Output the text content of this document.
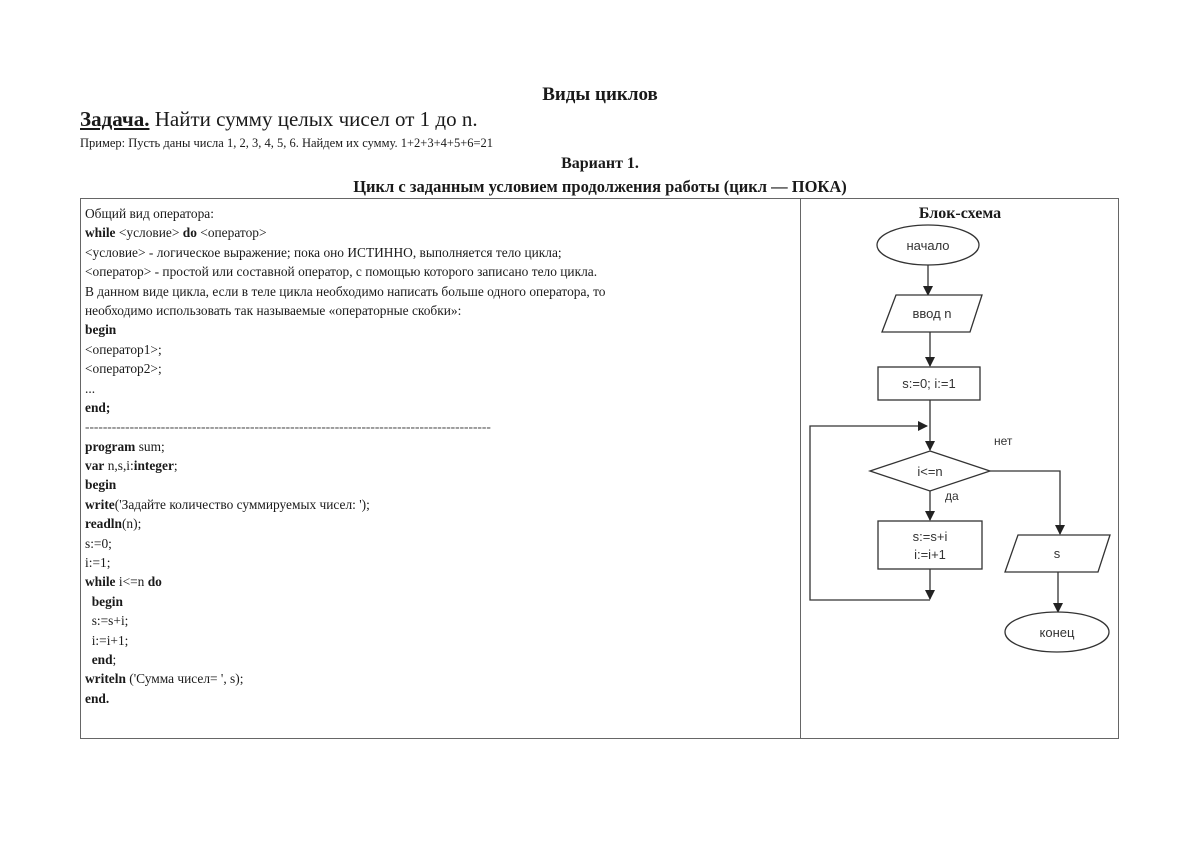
Виды циклов
Задача. Найти сумму целых чисел от 1 до n.
Пример: Пусть даны числа 1, 2, 3, 4, 5, 6. Найдем их сумму. 1+2+3+4+5+6=21
Вариант 1.
Цикл с заданным условием продолжения работы (цикл — ПОКА)
Общий вид оператора:
while <условие> do <оператор>
<условие> - логическое выражение; пока оно ИСТИННО, выполняется тело цикла;
<оператор> - простой или составной оператор, с помощью которого записано тело цикла.
В данном виде цикла, если в теле цикла необходимо написать больше одного оператора, то
необходимо использовать так называемые «операторные скобки»:
begin
<оператор1>;
<оператор2>;
...
end;
-------------------------------------------------------------------------------------------
program sum;
var n,s,i:integer;
begin
write('Задайте количество суммируемых чисел: ');
readln(n);
s:=0;
i:=1;
while i<=n do
begin
s:=s+i;
i:=i+1;
end;
writeln ('Сумма чисел= ', s);
end.
Блок-схема
начало
ввод n
s:=0; i:=1
i<=n
нет
да
s:=s+i
i:=i+1	s
конец
